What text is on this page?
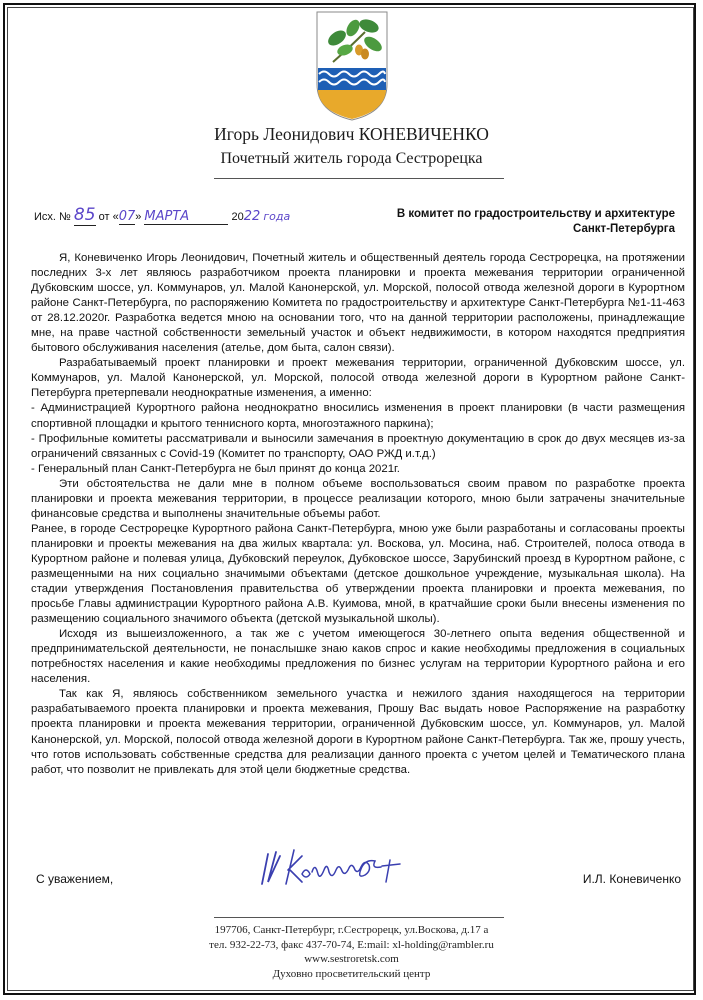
Игорь Леонидович КОНЕВИЧЕНКО
Почетный житель города Сестрорецка
Исх. № 85 от «07» МАРТА	2022 года	В комитет по градостроительству и архитектуре
Санкт-Петербурга

Я, Коневиченко Игорь Леонидович, Почетный житель и общественный деятель города Сестрорецка, на протяжении последних 3-х лет являюсь разработчиком проекта планировки и проекта межевания территории ограниченной Дубковским шоссе, ул. Коммунаров, ул. Малой Канонерской, ул. Морской, полосой отвода железной дороги в Курортном районе Санкт-Петербурга, по распоряжению Комитета по градостроительству и архитектуре Санкт-Петербурга №1-11-463 от 28.12.2020г. Разработка ведется мною на основании того, что на данной территории расположены, принадлежащие мне, на праве частной собственности земельный участок и объект недвижимости, в котором находятся предприятия бытового обслуживания населения (ателье, дом быта, салон связи).

Разрабатываемый проект планировки и проект межевания территории, ограниченной Дубковским шоссе, ул. Коммунаров, ул. Малой Канонерской, ул. Морской, полосой отвода железной дороги в Курортном районе Санкт-Петербурга претерпевали неоднократные изменения, а именно:

- Администрацией Курортного района неоднократно вносились изменения в проект планировки (в части размещения спортивной площадки и крытого теннисного корта, многоэтажного паркина);

- Профильные комитеты рассматривали и выносили замечания в проектную документацию в срок до двух месяцев из-за ограничений связанных с Covid-19 (Комитет по транспорту, ОАО РЖД и.т.д.)

- Генеральный план Санкт-Петербурга не был принят до конца 2021г.

Эти обстоятельства не дали мне в полном объеме воспользоваться своим правом по разработке проекта планировки и проекта межевания территории, в процессе реализации которого, мною были затрачены значительные финансовые средства и выполнены значительные объемы работ.

Ранее, в городе Сестрорецке Курортного района Санкт-Петербурга, мною уже были разработаны и согласованы проекты планировки и проекты межевания на два жилых квартала: ул. Воскова, ул. Мосина, наб. Строителей, полоса отвода в Курортном районе и полевая улица, Дубковский переулок, Дубковское шоссе, Зарубинский проезд в Курортном районе, с размещенными на них социально значимыми объектами (детское дошкольное учреждение, музыкальная школа). На стадии утверждения Постановления правительства об утверждении проекта планировки и проекта межевания, по просьбе Главы администрации Курортного района А.В. Куимова, мной, в кратчайшие сроки были внесены изменения по размещению социального значимого объекта (детской музыкальной школы).

Исходя из вышеизложенного, а так же с учетом имеющегося 30-летнего опыта ведения общественной и предпринимательской деятельности, не понаслышке знаю каков спрос и какие необходимы предложения в социальных потребностях населения и какие необходимы предложения по бизнес услугам на территории Курортного района и его населения.

Так как Я, являюсь собственником земельного участка и нежилого здания находящегося на территории разрабатываемого проекта планировки и проекта межевания, Прошу Вас выдать новое Распоряжение на разработку проекта планировки и проекта межевания территории, ограниченной Дубковским шоссе, ул. Коммунаров, ул. Малой Канонерской, ул. Морской, полосой отвода железной дороги в Курортном районе Санкт-Петербурга. Так же, прошу учесть, что готов использовать собственные средства для реализации данного проекта с учетом целей и Тематического плана работ, что позволит не привлекать для этой цели бюджетные средства.

С уважением,	И.Л. Коневиченко
197706, Санкт-Петербург, г.Сестрорецк, ул.Воскова, д.17 а
тел. 932-22-73, факс 437-70-74, E:mail: xl-holding@rambler.ru
www.sestroretsk.com
Духовно просветительский центр
